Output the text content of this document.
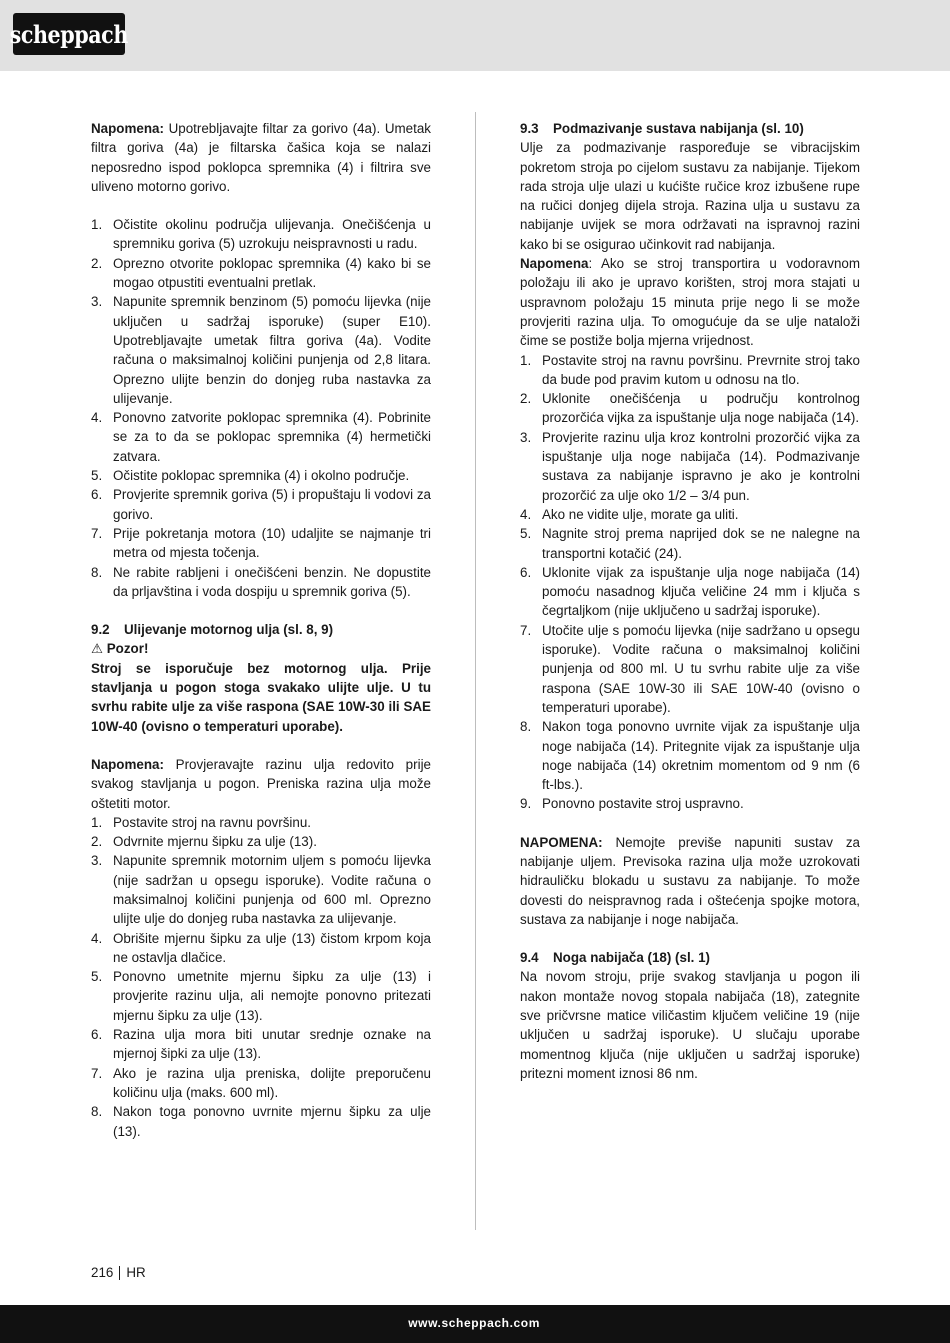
scheppach

Napomena: Upotrebljavajte filtar za gorivo (4a). Umetak filtra goriva (4a) je filtarska čašica koja se nalazi neposredno ispod poklopca spremnika (4) i filtrira sve uliveno motorno gorivo.

1. Očistite okolinu područja ulijevanja. Onečišćenja u spremniku goriva (5) uzrokuju neispravnosti u radu.
2. Oprezno otvorite poklopac spremnika (4) kako bi se mogao otpustiti eventualni pretlak.
3. Napunite spremnik benzinom (5) pomoću lijevka (nije uključen u sadržaj isporuke) (super E10). Upotrebljavajte umetak filtra goriva (4a). Vodite računa o maksimalnoj količini punjenja od 2,8 litara. Oprezno ulijte benzin do donjeg ruba nastavka za ulijevanje.
4. Ponovno zatvorite poklopac spremnika (4). Pobrinite se za to da se poklopac spremnika (4) hermetički zatvara.
5. Očistite poklopac spremnika (4) i okolno područje.
6. Provjerite spremnik goriva (5) i propuštaju li vodovi za gorivo.
7. Prije pokretanja motora (10) udaljite se najmanje tri metra od mjesta točenja.
8. Ne rabite rabljeni i onečišćeni benzin. Ne dopustite da prljavština i voda dospiju u spremnik goriva (5).

9.2 Ulijevanje motornog ulja (sl. 8, 9)

⚠ Pozor!

Stroj se isporučuje bez motornog ulja. Prije stavljanja u pogon stoga svakako ulijte ulje. U tu svrhu rabite ulje za više raspona (SAE 10W-30 ili SAE 10W-40 (ovisno o temperaturi uporabe).

Napomena: Provjeravajte razinu ulja redovito prije svakog stavljanja u pogon. Preniska razina ulja može oštetiti motor.

1. Postavite stroj na ravnu površinu.
2. Odvrnite mjernu šipku za ulje (13).
3. Napunite spremnik motornim uljem s pomoću lijevka (nije sadržan u opsegu isporuke). Vodite računa o maksimalnoj količini punjenja od 600 ml. Oprezno ulijte ulje do donjeg ruba nastavka za ulijevanje.
4. Obrišite mjernu šipku za ulje (13) čistom krpom koja ne ostavlja dlačice.
5. Ponovno umetnite mjernu šipku za ulje (13) i provjerite razinu ulja, ali nemojte ponovno pritezati mjernu šipku za ulje (13).
6. Razina ulja mora biti unutar srednje oznake na mjernoj šipki za ulje (13).
7. Ako je razina ulja preniska, dolijte preporučenu količinu ulja (maks. 600 ml).
8. Nakon toga ponovno uvrnite mjernu šipku za ulje (13).

9.3 Podmazivanje sustava nabijanja (sl. 10)

Ulje za podmazivanje raspoređuje se vibracijskim pokretom stroja po cijelom sustavu za nabijanje. Tijekom rada stroja ulje ulazi u kućište ručice kroz izbušene rupe na ručici donjeg dijela stroja. Razina ulja u sustavu za nabijanje uvijek se mora održavati na ispravnoj razini kako bi se osigurao učinkovit rad nabijanja.

Napomena: Ako se stroj transportira u vodoravnom položaju ili ako je upravo korišten, stroj mora stajati u uspravnom položaju 15 minuta prije nego li se može provjeriti razina ulja. To omogućuje da se ulje nataloži čime se postiže bolja mjerna vrijednost.

1. Postavite stroj na ravnu površinu. Prevrnite stroj tako da bude pod pravim kutom u odnosu na tlo.
2. Uklonite onečišćenja u području kontrolnog prozorčića vijka za ispuštanje ulja noge nabijača (14).
3. Provjerite razinu ulja kroz kontrolni prozorčić vijka za ispuštanje ulja noge nabijača (14). Podmazivanje sustava za nabijanje ispravno je ako je kontrolni prozorčić za ulje oko 1/2 – 3/4 pun.
4. Ako ne vidite ulje, morate ga uliti.
5. Nagnite stroj prema naprijed dok se ne nalegne na transportni kotačić (24).
6. Uklonite vijak za ispuštanje ulja noge nabijača (14) pomoću nasadnog ključa veličine 24 mm i ključa s čegrtaljkom (nije uključeno u sadržaj isporuke).
7. Utočite ulje s pomoću lijevka (nije sadržano u opsegu isporuke). Vodite računa o maksimalnoj količini punjenja od 800 ml. U tu svrhu rabite ulje za više raspona (SAE 10W-30 ili SAE 10W-40 (ovisno o temperaturi uporabe).
8. Nakon toga ponovno uvrnite vijak za ispuštanje ulja noge nabijača (14). Pritegnite vijak za ispuštanje ulja noge nabijača (14) okretnim momentom od 9 nm (6 ft-lbs.).
9. Ponovno postavite stroj uspravno.

NAPOMENA: Nemojte previše napuniti sustav za nabijanje uljem. Previsoka razina ulja može uzrokovati hidrauličku blokadu u sustavu za nabijanje. To može dovesti do neispravnog rada i oštećenja spojke motora, sustava za nabijanje i noge nabijača.

9.4 Noga nabijača (18) (sl. 1)

Na novom stroju, prije svakog stavljanja u pogon ili nakon montaže novog stopala nabijača (18), zategnite sve pričvrsne matice viličastim ključem veličine 19 (nije uključen u sadržaj isporuke). U slučaju uporabe momentnog ključa (nije uključen u sadržaj isporuke) pritezni moment iznosi 86 nm.

216 HR
www.scheppach.com
